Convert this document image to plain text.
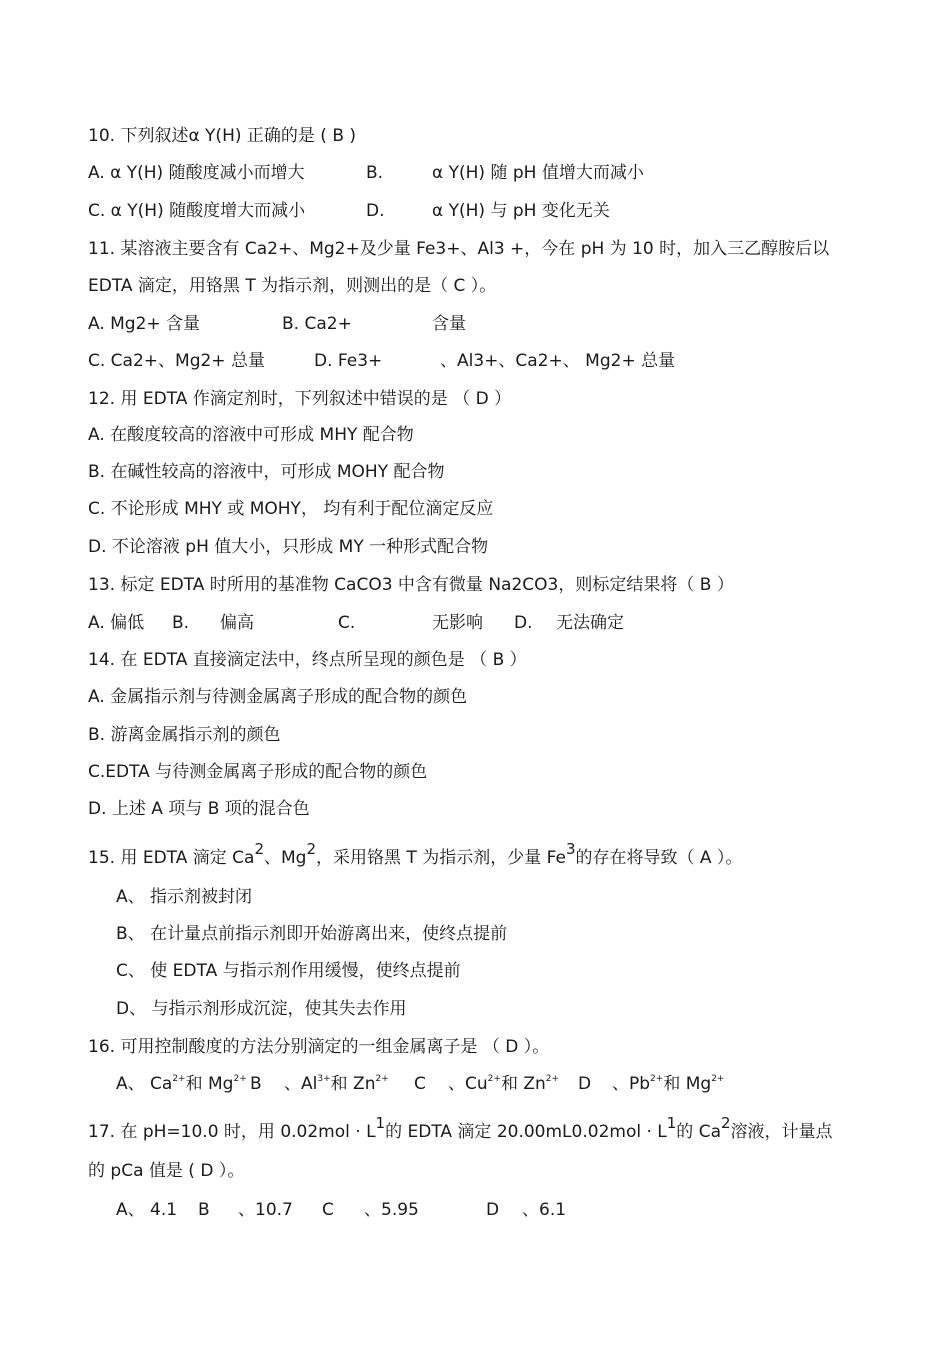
10. 下列叙述α Y(H) 正确的是 ( B )
A. α Y(H) 随酸度减小而增大	B.	α Y(H) 随 pH 值增大而减小
C. α Y(H) 随酸度增大而减小	D.	α Y(H) 与 pH 变化无关
11. 某溶液主要含有 Ca2+、Mg2+及少量 Fe3+、Al3 +，今在 pH 为 10 时，加入三乙醇胺后以
EDTA 滴定，用铬黑 T 为指示剂，则测出的是（ C ）。
A. Mg2+ 含量	B. Ca2+	含量
C. Ca2+、Mg2+ 总量	D. Fe3+	、Al3+、Ca2+、 Mg2+ 总量
12. 用 EDTA 作滴定剂时，下列叙述中错误的是 （ D ）
A. 在酸度较高的溶液中可形成 MHY 配合物
B. 在碱性较高的溶液中，可形成 MOHY 配合物
C. 不论形成 MHY 或 MOHY， 均有利于配位滴定反应
D. 不论溶液 pH 值大小，只形成 MY 一种形式配合物
13. 标定 EDTA 时所用的基准物 CaCO3 中含有微量 Na2CO3，则标定结果将（ B ）
A. 偏低 B. 偏高	C.	无影响 D. 无法确定
14. 在 EDTA 直接滴定法中，终点所呈现的颜色是 （ B ）
A. 金属指示剂与待测金属离子形成的配合物的颜色
B. 游离金属指示剂的颜色
C.EDTA 与待测金属离子形成的配合物的颜色
D. 上述 A 项与 B 项的混合色
15. 用 EDTA 滴定 Ca$^2$、Mg$^2$，采用铬黑 T 为指示剂，少量 Fe$^3$的存在将导致（ A ）。
A、 指示剂被封闭
B、 在计量点前指示剂即开始游离出来，使终点提前
C、 使 EDTA 与指示剂作用缓慢，使终点提前
D、 与指示剂形成沉淀，使其失去作用
16. 可用控制酸度的方法分别滴定的一组金属离子是 （ D ）。
A、 $Ca^{2+}$和 $Mg^{2+}$ B 、$Al^{3+}$和 $Zn^{2+}$ C 、$Cu^{2+}$和 $Zn^{2+}$ D 、$Pb^{2+}$和 $Mg^{2+}$
17. 在 pH=10.0 时，用 $0.02mol \cdot L^1$的 EDTA 滴定 $20.00mL0.02mol \cdot L^1$的 Ca$^2$溶液，计量点
的 pCa 值是 ( D ）。
A、 4.1 B 、10.7 C 、5.95	D 、6.1
